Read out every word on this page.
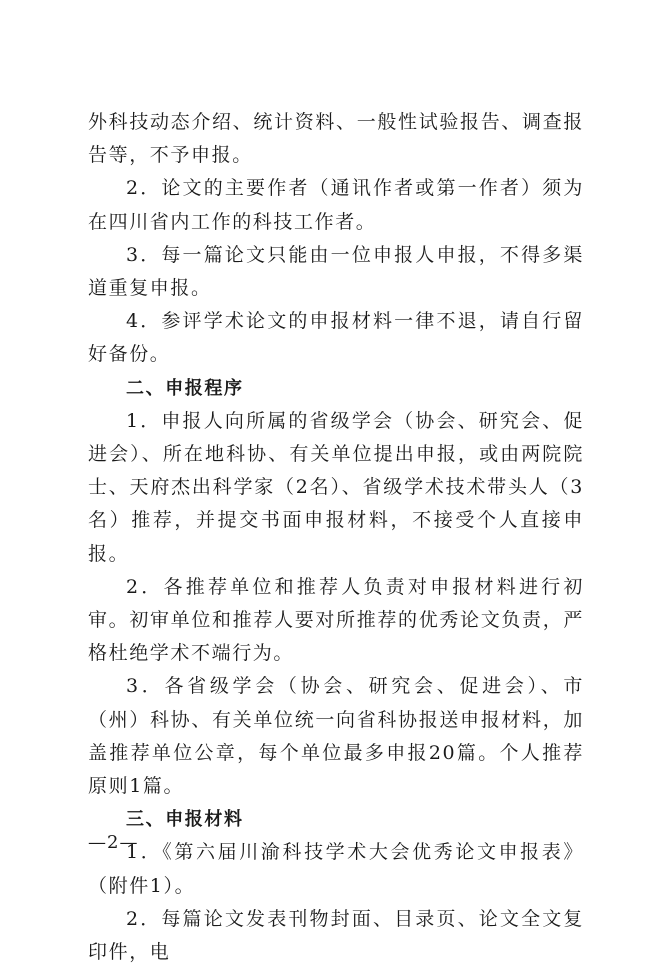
外科技动态介绍、统计资料、一般性试验报告、调查报告等，不予申报。

2．论文的主要作者（通讯作者或第一作者）须为在四川省内工作的科技工作者。

3．每一篇论文只能由一位申报人申报，不得多渠道重复申报。

4．参评学术论文的申报材料一律不退，请自行留好备份。

二、申报程序

1．申报人向所属的省级学会（协会、研究会、促进会）、所在地科协、有关单位提出申报，或由两院院士、天府杰出科学家（2名）、省级学术技术带头人（3名）推荐，并提交书面申报材料，不接受个人直接申报。

2．各推荐单位和推荐人负责对申报材料进行初审。初审单位和推荐人要对所推荐的优秀论文负责，严格杜绝学术不端行为。

3．各省级学会（协会、研究会、促进会）、市（州）科协、有关单位统一向省科协报送申报材料，加盖推荐单位公章，每个单位最多申报20篇。个人推荐原则1篇。

三、申报材料

1．《第六届川渝科技学术大会优秀论文申报表》（附件1）。

2．每篇论文发表刊物封面、目录页、论文全文复印件，电

—2—
